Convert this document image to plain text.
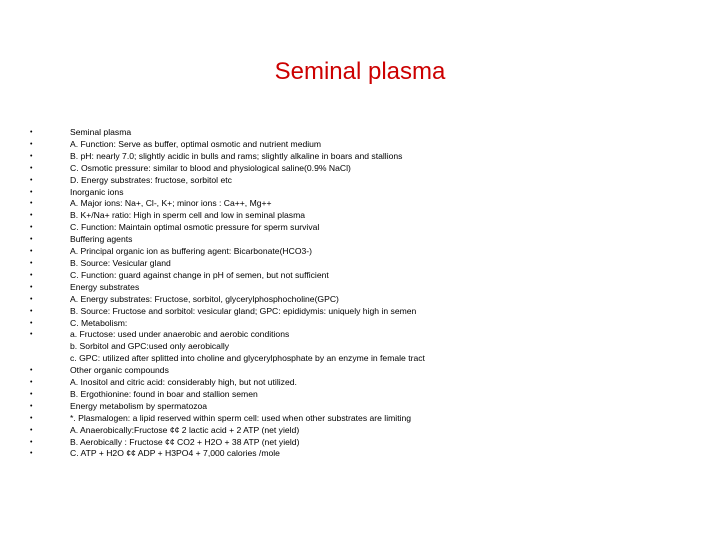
Seminal plasma
•	Seminal plasma
•	A. Function: Serve as buffer, optimal osmotic and nutrient medium
•	B. pH: nearly 7.0; slightly acidic in bulls and rams; slightly alkaline in boars and stallions
•	C. Osmotic pressure: similar to blood and physiological saline(0.9% NaCl)
•	D. Energy substrates: fructose, sorbitol etc
•	Inorganic ions
•	A. Major ions: Na+, Cl-, K+; minor ions : Ca++, Mg++
•	B. K+/Na+ ratio: High in sperm cell and low in seminal plasma
•	C. Function: Maintain optimal osmotic pressure for sperm survival
•	Buffering agents
•	A. Principal organic ion as buffering agent: Bicarbonate(HCO3-)
•	B. Source: Vesicular gland
•	C. Function: guard against change in pH of semen, but not sufficient
•	Energy substrates
•	A. Energy substrates: Fructose, sorbitol, glycerylphosphocholine(GPC)
•	B. Source: Fructose and sorbitol: vesicular gland; GPC: epididymis: uniquely high in semen
•	C. Metabolism:
•	a. Fructose: used under anaerobic and aerobic conditions
b. Sorbitol and GPC:used only aerobically
c. GPC: utilized after splitted into choline and glycerylphosphate by an enzyme in female tract
•	Other organic compounds
•	A. Inositol and citric acid: considerably high, but not utilized.
•	B. Ergothionine: found in boar and stallion semen
•	Energy metabolism by spermatozoa
•	*. Plasmalogen: a lipid reserved within sperm cell: used when other substrates are limiting
•	A. Anaerobically:Fructose ¢¢ 2 lactic acid + 2 ATP (net yield)
•	B. Aerobically : Fructose ¢¢ CO2 + H2O + 38 ATP (net yield)
•	C. ATP + H2O ¢¢ ADP + H3PO4 + 7,000 calories /mole
